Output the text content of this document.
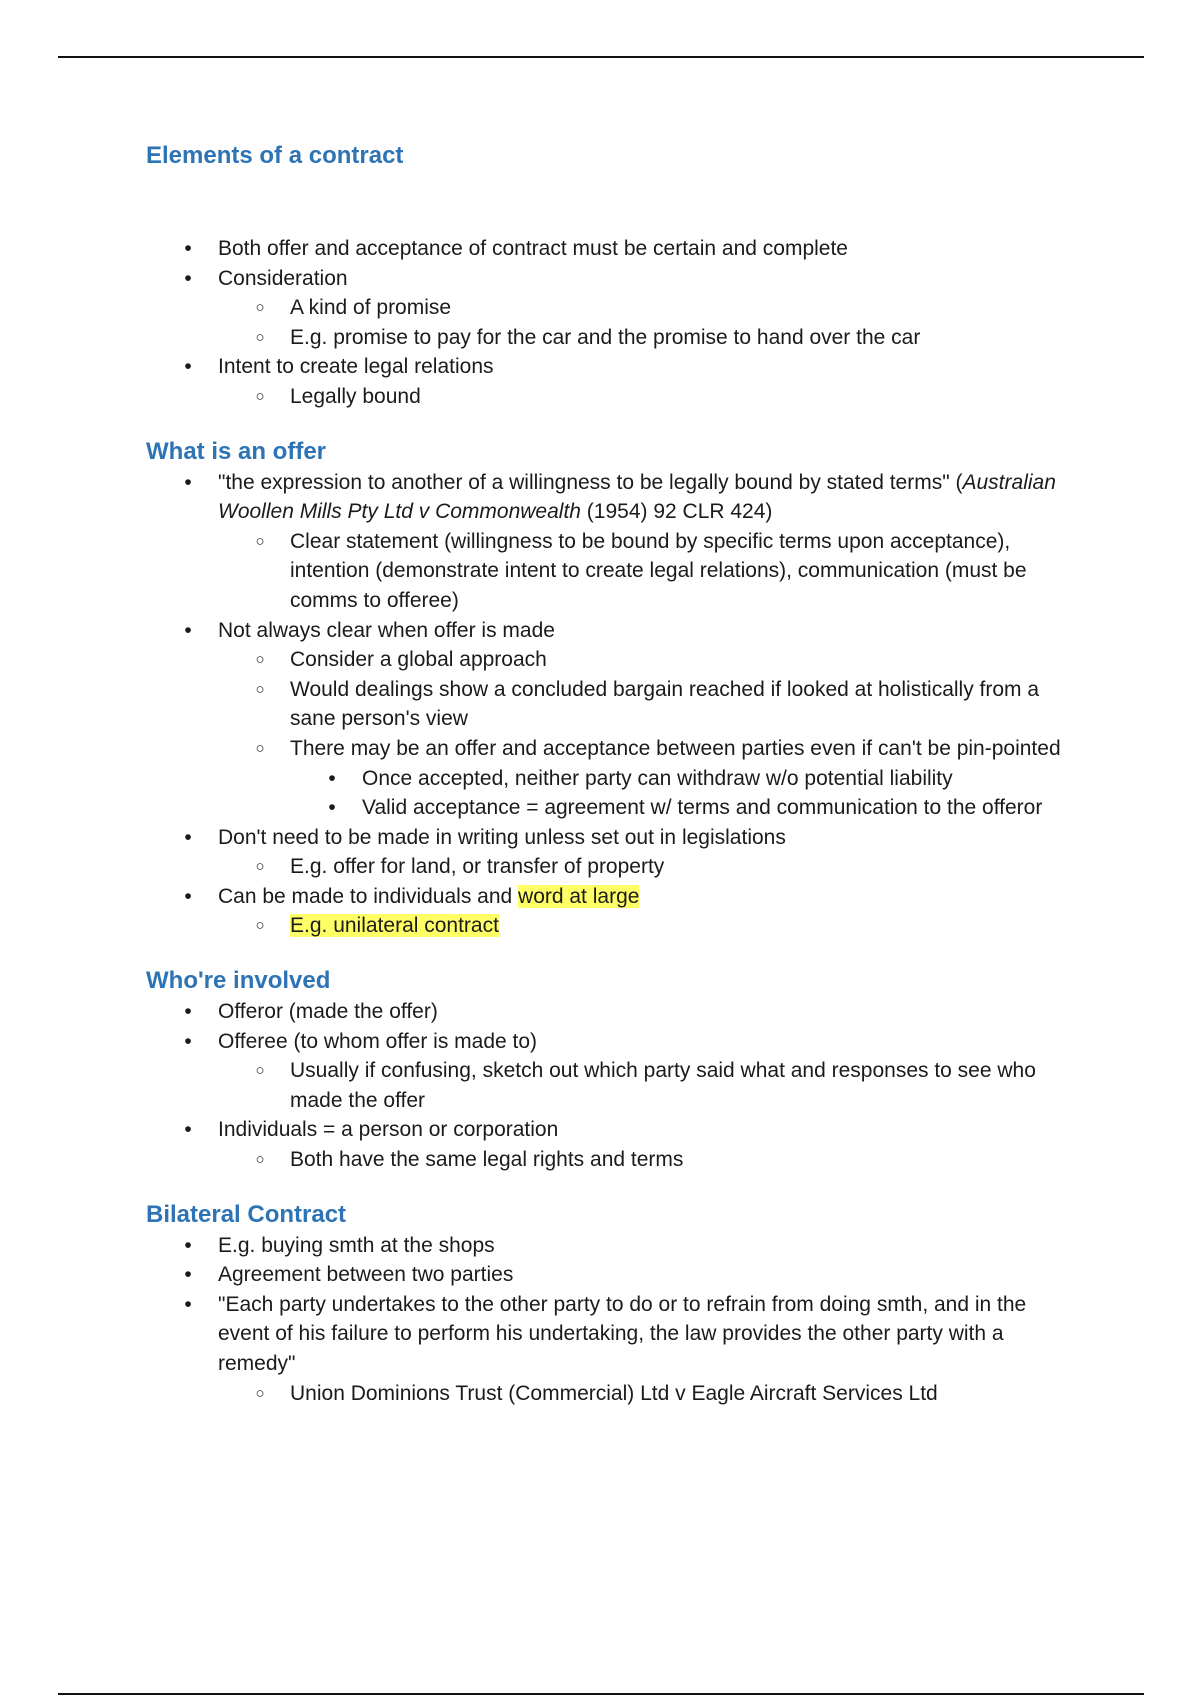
Elements of a contract
•	Both offer and acceptance of contract must be certain and complete
•	Consideration
○	A kind of promise
○	E.g. promise to pay for the car and the promise to hand over the car
•	Intent to create legal relations
○	Legally bound
What is an offer
•	"the expression to another of a willingness to be legally bound by stated terms" (Australian Woollen Mills Pty Ltd v Commonwealth (1954) 92 CLR 424)
○	Clear statement (willingness to be bound by specific terms upon acceptance), intention (demonstrate intent to create legal relations), communication (must be comms to offeree)
•	Not always clear when offer is made
○	Consider a global approach
○	Would dealings show a concluded bargain reached if looked at holistically from a sane person's view
○	There may be an offer and acceptance between parties even if can't be pin-pointed
•	Once accepted, neither party can withdraw w/o potential liability
•	Valid acceptance = agreement w/ terms and communication to the offeror
•	Don't need to be made in writing unless set out in legislations
○	E.g. offer for land, or transfer of property
•	Can be made to individuals and word at large
○	E.g. unilateral contract
Who're involved
•	Offeror (made the offer)
•	Offeree (to whom offer is made to)
○	Usually if confusing, sketch out which party said what and responses to see who made the offer
•	Individuals = a person or corporation
○	Both have the same legal rights and terms
Bilateral Contract
•	E.g. buying smth at the shops
•	Agreement between two parties
•	"Each party undertakes to the other party to do or to refrain from doing smth, and in the event of his failure to perform his undertaking, the law provides the other party with a remedy"
○	Union Dominions Trust (Commercial) Ltd v Eagle Aircraft Services Ltd
